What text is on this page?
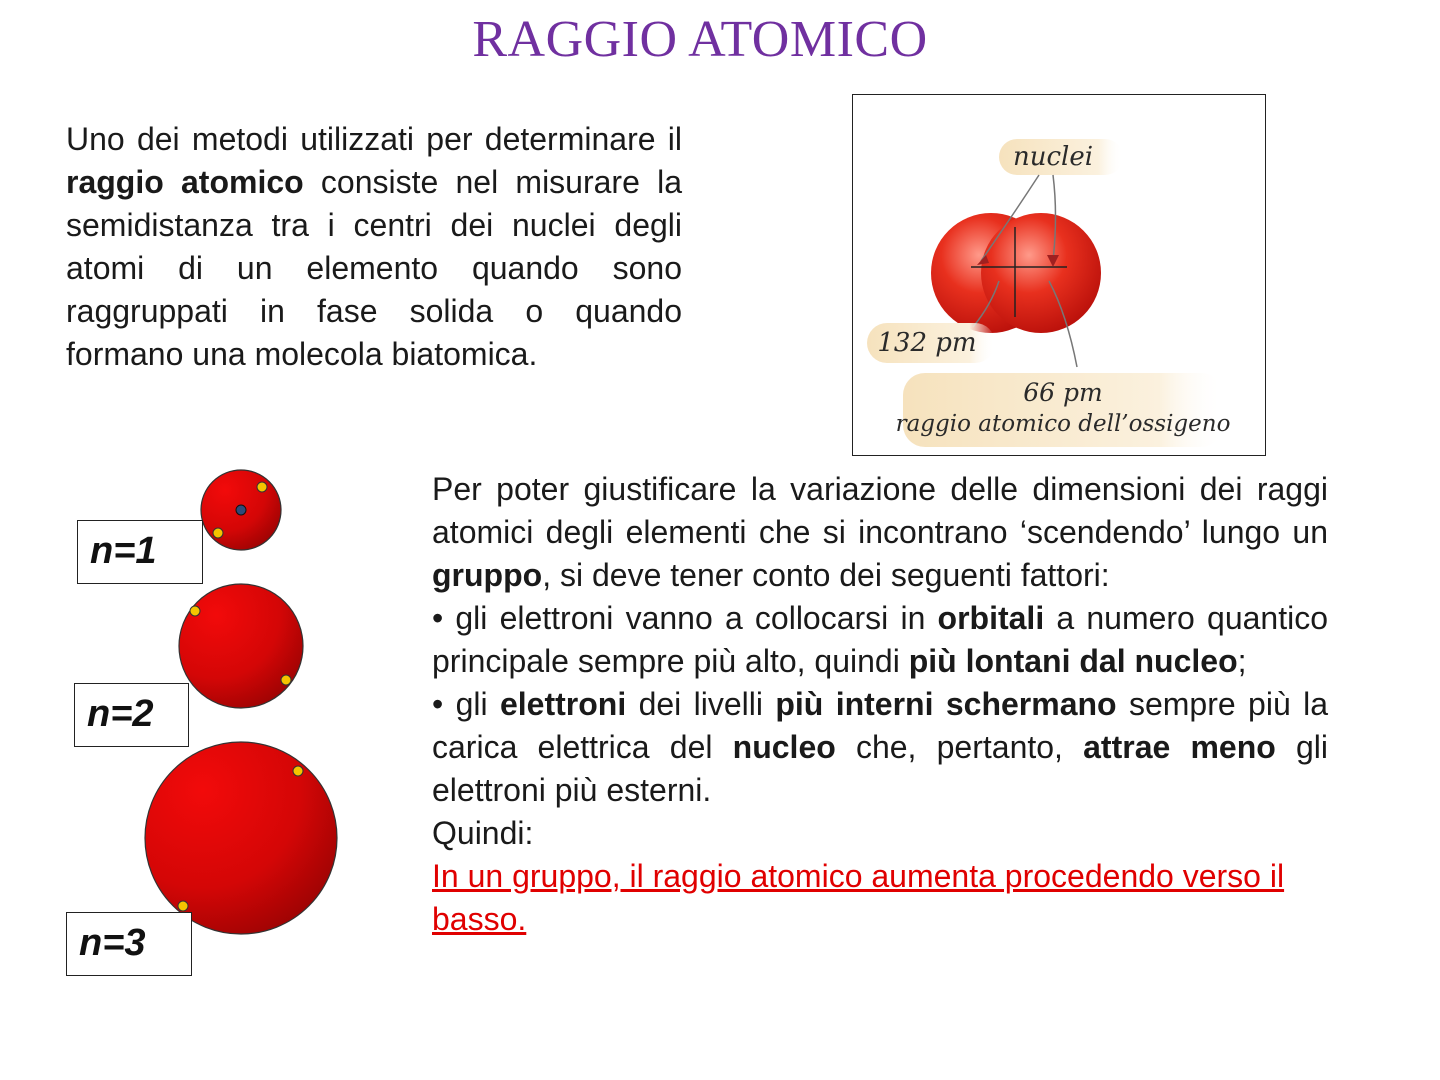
RAGGIO ATOMICO

Uno dei metodi utilizzati per determinare il raggio atomico consiste nel misurare la semidistanza tra i centri dei nuclei degli atomi di un elemento quando sono raggruppati in fase solida o quando formano una molecola biatomica.

nuclei
132 pm
66 pm
raggio atomico dell’ossigeno
n=1
n=2
n=3

Per poter giustificare la variazione delle dimensioni dei raggi atomici degli elementi che si incontrano ‘scendendo’ lungo un gruppo, si deve tener conto dei seguenti fattori:

• gli elettroni vanno a collocarsi in orbitali a numero quantico principale sempre più alto, quindi più lontani dal nucleo;

• gli elettroni dei livelli più interni schermano sempre più la carica elettrica del nucleo che, pertanto, attrae meno gli elettroni più esterni.

Quindi:

In un gruppo, il raggio atomico aumenta procedendo verso il basso.
